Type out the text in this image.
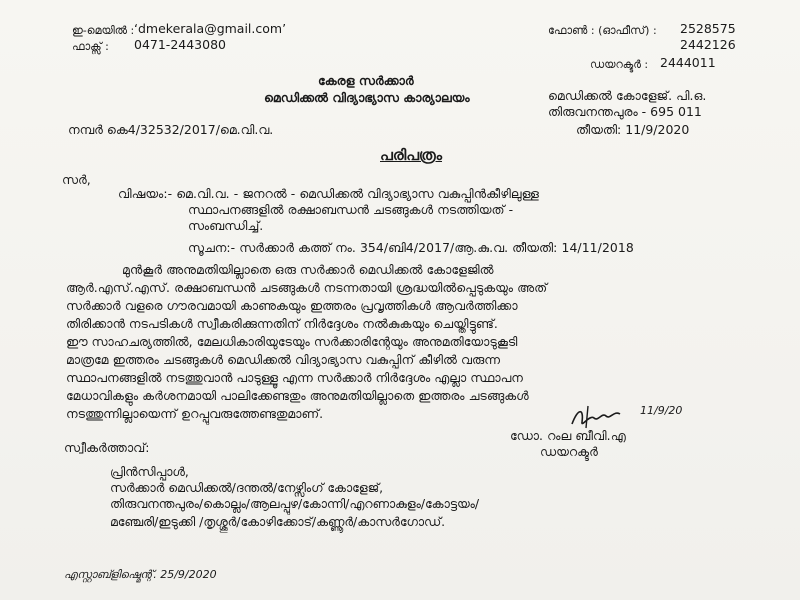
ഇ-മെയിൽ : ‘dmekerala@gmail.com’
ഫാക്സ് : 0471-2443080
ഫോൺ : (ഓഫീസ്) : 2528575
2442126
ഡയറക്ടർ : 2444011
കേരള സർക്കാർ
മെഡിക്കൽ വിദ്യാഭ്യാസ കാര്യാലയം	മെഡിക്കൽ കോളേജ്. പി.ഒ.
തിരുവനന്തപുരം - 695 011
നമ്പർ കെ4/32532/2017/മെ.വി.വ.	തീയതി: 11/9/2020
പരിപത്രം
സർ,
വിഷയം:- മെ.വി.വ. - ജനറൽ - മെഡിക്കൽ വിദ്യാഭ്യാസ വകുപ്പിൻകീഴിലുള്ള
സ്ഥാപനങ്ങളിൽ രക്ഷാബന്ധൻ ചടങ്ങുകൾ നടത്തിയത് -
സംബന്ധിച്ച്.
സൂചന:- സർക്കാർ കത്ത് നം. 354/ബി4/2017/ആ.കു.വ. തീയതി: 14/11/2018
മുൻകൂർ അനുമതിയില്ലാതെ ഒരു സർക്കാർ മെഡിക്കൽ കോളേജിൽ
ആർ.എസ്.എസ്. രക്ഷാബന്ധൻ ചടങ്ങുകൾ നടന്നതായി ശ്രദ്ധയിൽപ്പെടുകയും അത്
സർക്കാർ വളരെ ഗൗരവമായി കാണുകയും ഇത്തരം പ്രവൃത്തികൾ ആവർത്തിക്കാ
തിരിക്കാൻ നടപടികൾ സ്വീകരിക്കുന്നതിന് നിർദ്ദേശം നൽകുകയും ചെയ്തിട്ടുണ്ട്.
ഈ സാഹചര്യത്തിൽ, മേലധികാരിയുടേയും സർക്കാരിന്റേയും അനുമതിയോടുകൂടി
മാത്രമേ ഇത്തരം ചടങ്ങുകൾ മെഡിക്കൽ വിദ്യാഭ്യാസ വകുപ്പിന് കീഴിൽ വരുന്ന
സ്ഥാപനങ്ങളിൽ നടത്തുവാൻ പാടുള്ളൂ എന്ന സർക്കാർ നിർദ്ദേശം എല്ലാ സ്ഥാപന
മേധാവികളും കർശനമായി പാലിക്കേണ്ടതും അനുമതിയില്ലാതെ ഇത്തരം ചടങ്ങുകൾ
നടത്തുന്നില്ലായെന്ന് ഉറപ്പുവരുത്തേണ്ടതുമാണ്.	11/9/20
ഡോ. റംല ബീവി.എ
ഡയറക്ടർ
സ്വീകർത്താവ്:
പ്രിൻസിപ്പാൾ,
സർക്കാർ മെഡിക്കൽ/ദന്തൽ/നേഴ്സിംഗ് കോളേജ്,
തിരുവനന്തപുരം/കൊല്ലം/ആലപ്പുഴ/കോന്നി/എറണാകുളം/കോട്ടയം/
മഞ്ചേരി/ഇടുക്കി /തൃശ്ശൂർ/കോഴിക്കോട്/കണ്ണൂർ/കാസർഗോഡ്.
എസ്റ്റാബ്ളിഷ്മെന്റ്. 25/9/2020
